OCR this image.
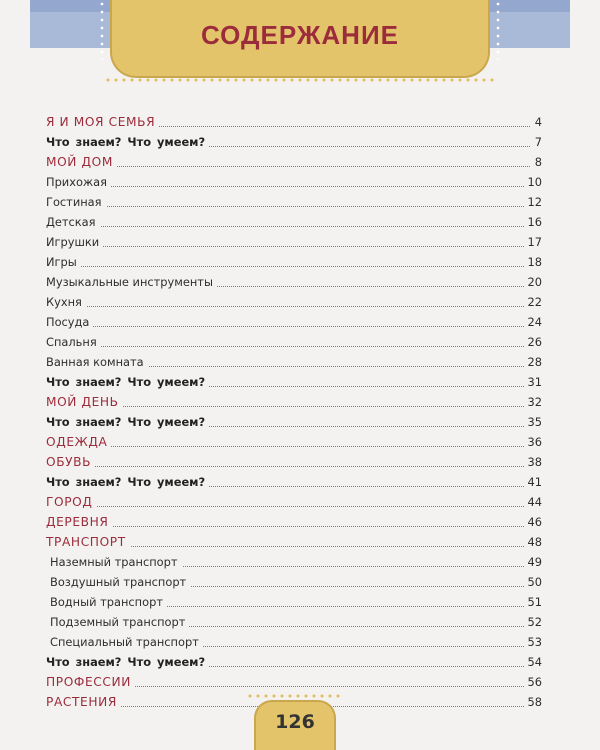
СОДЕРЖАНИЕ
Я И МОЯ СЕМЬЯ	4
Что знаем? Что умеем?	7
МОЙ ДОМ	8
Прихожая	10
Гостиная	12
Детская	16
Игрушки	17
Игры	18
Музыкальные инструменты	20
Кухня	22
Посуда	24
Спальня	26
Ванная комната	28
Что знаем? Что умеем?	31
МОЙ ДЕНЬ	32
Что знаем? Что умеем?	35
ОДЕЖДА	36
ОБУВЬ	38
Что знаем? Что умеем?	41
ГОРОД	44
ДЕРЕВНЯ	46
ТРАНСПОРТ	48
Наземный транспорт	49
Воздушный транспорт	50
Водный транспорт	51
Подземный транспорт	52
Специальный транспорт	53
Что знаем? Что умеем?	54
ПРОФЕССИИ	56
РАСТЕНИЯ	58
126
